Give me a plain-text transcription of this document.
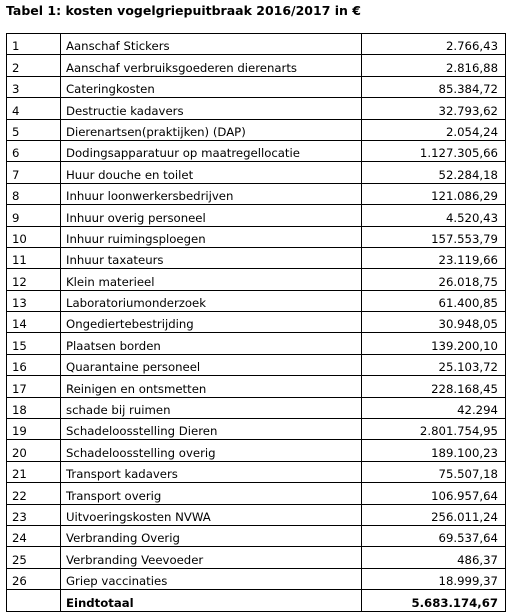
Tabel 1: kosten vogelgriepuitbraak 2016/2017 in €
1	Aanschaf Stickers	2.766,43
2	Aanschaf verbruiksgoederen dierenarts	2.816,88
3	Cateringkosten	85.384,72
4	Destructie kadavers	32.793,62
5	Dierenartsen(praktijken) (DAP)	2.054,24
6	Dodingsapparatuur op maatregellocatie	1.127.305,66
7	Huur douche en toilet	52.284,18
8	Inhuur loonwerkersbedrijven	121.086,29
9	Inhuur overig personeel	4.520,43
10	Inhuur ruimingsploegen	157.553,79
11	Inhuur taxateurs	23.119,66
12	Klein materieel	26.018,75
13	Laboratoriumonderzoek	61.400,85
14	Ongediertebestrijding	30.948,05
15	Plaatsen borden	139.200,10
16	Quarantaine personeel	25.103,72
17	Reinigen en ontsmetten	228.168,45
18	schade bij ruimen	42.294
19	Schadeloosstelling Dieren	2.801.754,95
20	Schadeloosstelling overig	189.100,23
21	Transport kadavers	75.507,18
22	Transport overig	106.957,64
23	Uitvoeringskosten NVWA	256.011,24
24	Verbranding Overig	69.537,64
25	Verbranding Veevoeder	486,37
26	Griep vaccinaties	18.999,37
	Eindtotaal	5.683.174,67
